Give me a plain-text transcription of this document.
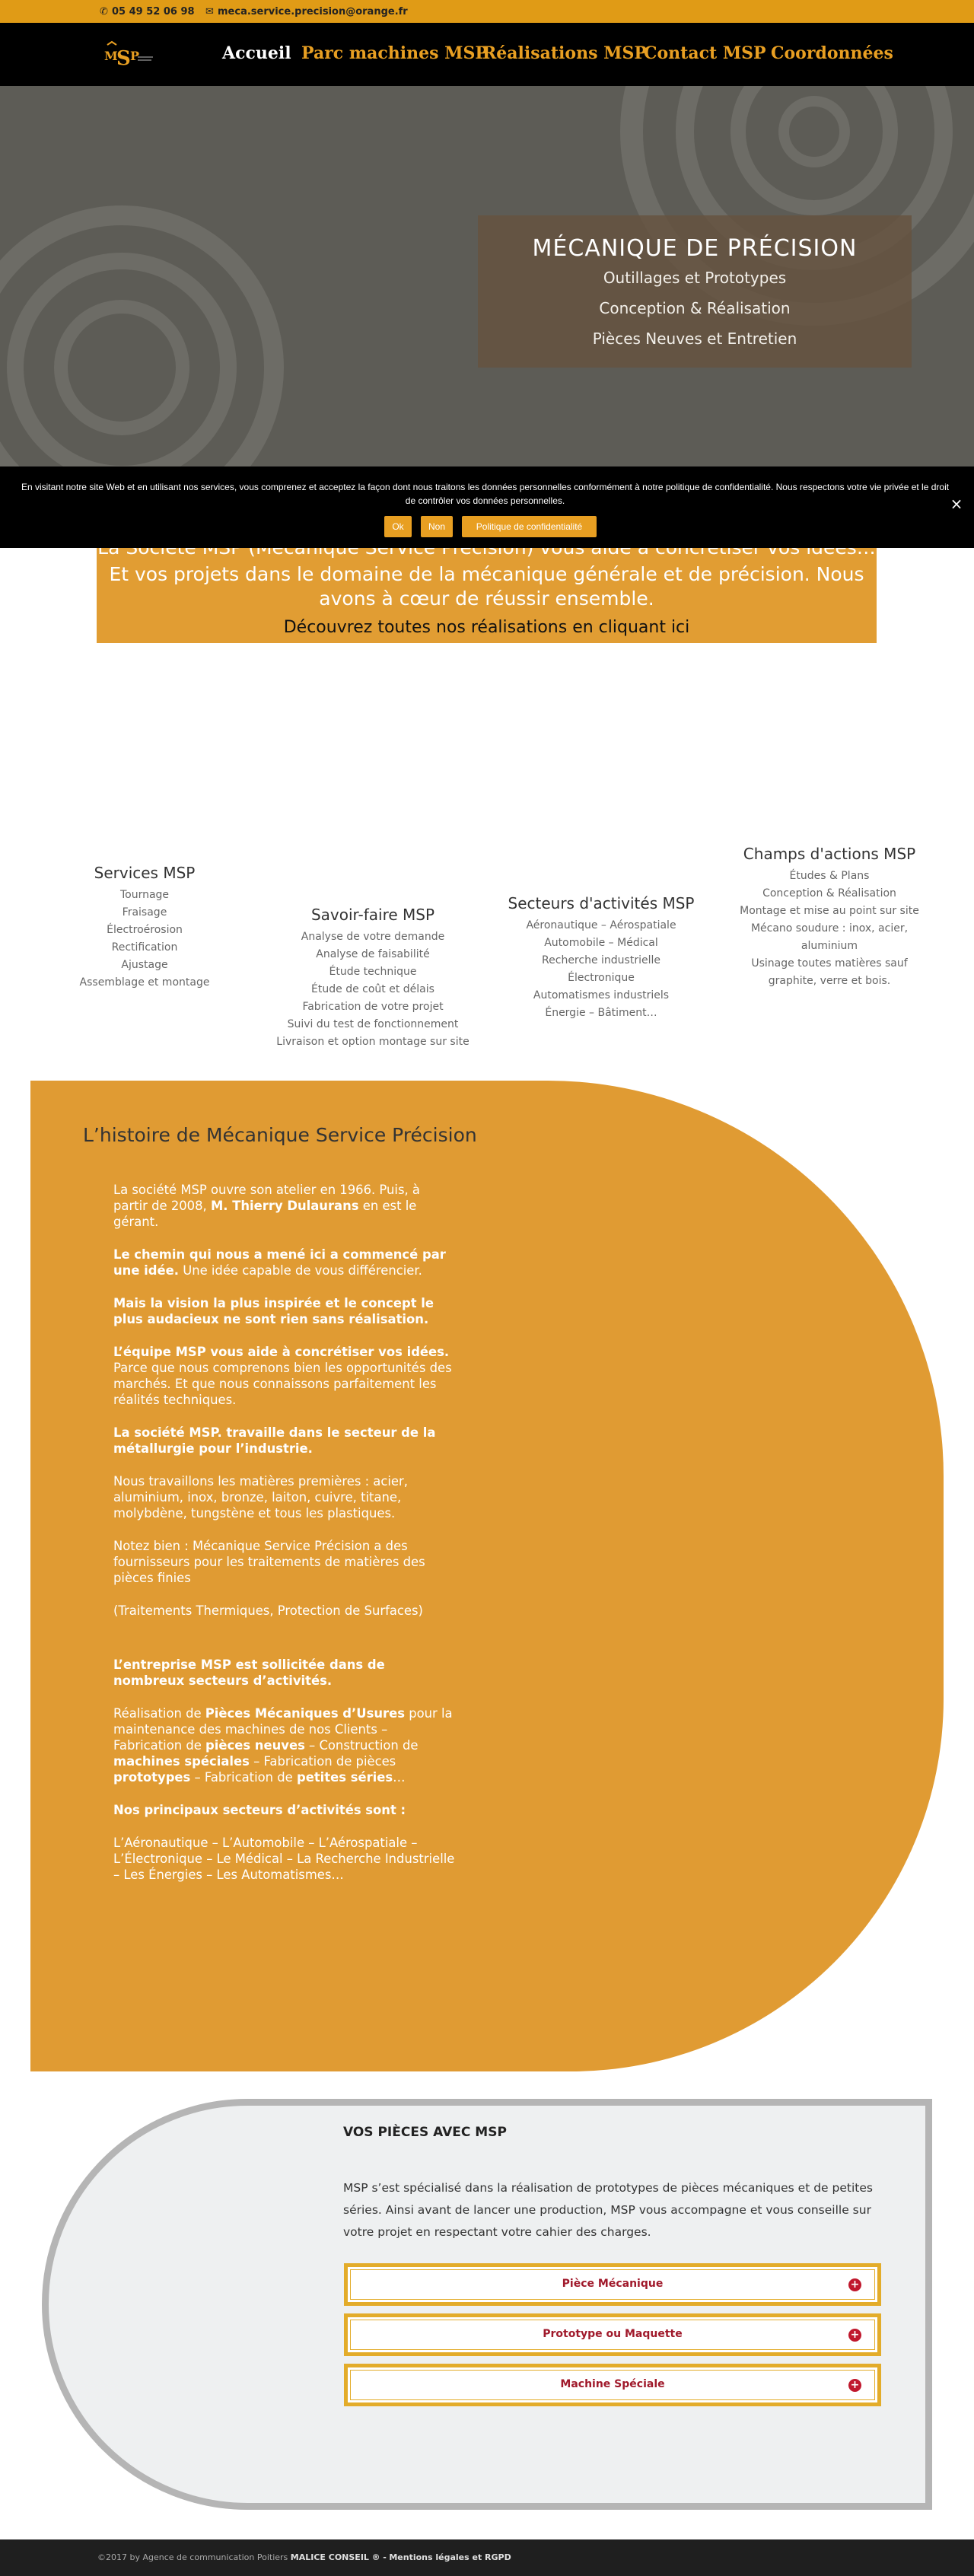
✆ 05 49 52 06 98 ✉ meca.service.precision@orange.fr
M
S P	Accueil Parc machines MSP
Réalisations MSP
Contact MSP Coordonnées
MÉCANIQUE DE PRÉCISION
Outillages et Prototypes
Conception & Réalisation
Pièces Neuves et Entretien
Et vos projets dans le domaine de la mécanique générale et de précision. Nous
avons à cœur de réussir ensemble.
Découvrez toutes nos réalisations en cliquant ici
En visitant notre site Web et en utilisant nos services, vous comprenez et acceptez la façon dont nous traitons les données personnelles conformément à notre politique de confidentialité. Nous respectons votre vie privée et le droit de contrôler vos données personnelles.
Ok	Non	Politique de confidentialité
×
Services MSP
Tournage
Fraisage
Électroérosion
Rectification
Ajustage
Assemblage et montage
Savoir-faire MSP
Analyse de votre demande
Analyse de faisabilité
Étude technique
Étude de coût et délais
Fabrication de votre projet
Suivi du test de fonctionnement
Livraison et option montage sur site
Secteurs d'activités MSP
Aéronautique – Aérospatiale
Automobile – Médical
Recherche industrielle
Électronique
Automatismes industriels
Énergie – Bâtiment…
Champs d'actions MSP
Études & Plans
Conception & Réalisation
Montage et mise au point sur site
Mécano soudure : inox, acier,
aluminium
Usinage toutes matières sauf
graphite, verre et bois.
L’histoire de Mécanique Service Précision

La société MSP ouvre son atelier en 1966. Puis, à partir de 2008, M. Thierry Dulaurans en est le gérant.

Le chemin qui nous a mené ici a commencé par une idée. Une idée capable de vous différencier.

Mais la vision la plus inspirée et le concept le plus audacieux ne sont rien sans réalisation.

L’équipe MSP vous aide à concrétiser vos idées. Parce que nous comprenons bien les opportunités des marchés. Et que nous connaissons parfaitement les réalités techniques.

La société MSP. travaille dans le secteur de la métallurgie pour l’industrie.

Nous travaillons les matières premières : acier, aluminium, inox, bronze, laiton, cuivre, titane, molybdène, tungstène et tous les plastiques.

Notez bien : Mécanique Service Précision a des fournisseurs pour les traitements de matières des pièces finies

(Traitements Thermiques, Protection de Surfaces)

L’entreprise MSP est sollicitée dans de nombreux secteurs d’activités.

Réalisation de Pièces Mécaniques d’Usures pour la maintenance des machines de nos Clients – Fabrication de pièces neuves – Construction de machines spéciales – Fabrication de pièces prototypes – Fabrication de petites séries…

Nos principaux secteurs d’activités sont :

L’Aéronautique – L’Automobile – L’Aérospatiale – L’Électronique – Le Médical – La Recherche Industrielle – Les Énergies – Les Automatismes…

VOS PIÈCES AVEC MSP
MSP s’est spécialisé dans la réalisation de prototypes de pièces mécaniques et de petites séries. Ainsi avant de lancer une production, MSP vous accompagne et vous conseille sur votre projet en respectant votre cahier des charges.
Pièce Mécanique	+
Prototype ou Maquette	+
Machine Spéciale	+
©2017 by Agence de communication Poitiers MALICE CONSEIL ® - Mentions légales et RGPD
